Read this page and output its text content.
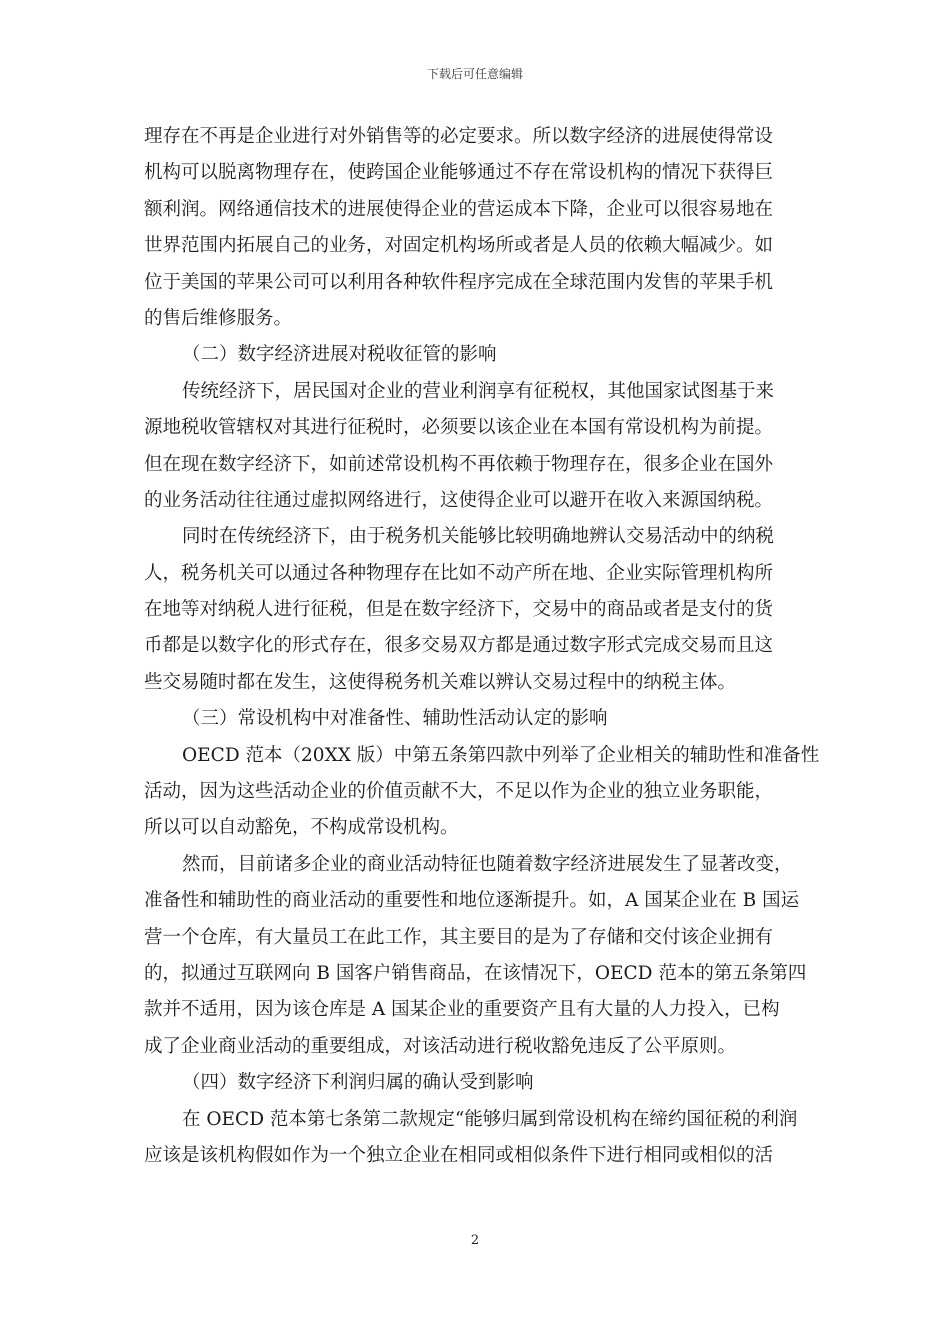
下载后可任意编辑
理存在不再是企业进行对外销售等的必定要求。所以数字经济的进展使得常设
机构可以脱离物理存在，使跨国企业能够通过不存在常设机构的情况下获得巨
额利润。网络通信技术的进展使得企业的营运成本下降，企业可以很容易地在
世界范围内拓展自己的业务，对固定机构场所或者是人员的依赖大幅减少。如
位于美国的苹果公司可以利用各种软件程序完成在全球范围内发售的苹果手机
的售后维修服务。
（二）数字经济进展对税收征管的影响
传统经济下，居民国对企业的营业利润享有征税权，其他国家试图基于来
源地税收管辖权对其进行征税时，必须要以该企业在本国有常设机构为前提。
但在现在数字经济下，如前述常设机构不再依赖于物理存在，很多企业在国外
的业务活动往往通过虚拟网络进行，这使得企业可以避开在收入来源国纳税。
同时在传统经济下，由于税务机关能够比较明确地辨认交易活动中的纳税
人，税务机关可以通过各种物理存在比如不动产所在地、企业实际管理机构所
在地等对纳税人进行征税，但是在数字经济下，交易中的商品或者是支付的货
币都是以数字化的形式存在，很多交易双方都是通过数字形式完成交易而且这
些交易随时都在发生，这使得税务机关难以辨认交易过程中的纳税主体。
（三）常设机构中对准备性、辅助性活动认定的影响
OECD 范本（20XX 版）中第五条第四款中列举了企业相关的辅助性和准备性
活动，因为这些活动企业的价值贡献不大，不足以作为企业的独立业务职能，
所以可以自动豁免，不构成常设机构。
然而，目前诸多企业的商业活动特征也随着数字经济进展发生了显著改变，
准备性和辅助性的商业活动的重要性和地位逐渐提升。如，A 国某企业在 B 国运
营一个仓库，有大量员工在此工作，其主要目的是为了存储和交付该企业拥有
的，拟通过互联网向 B 国客户销售商品，在该情况下，OECD 范本的第五条第四
款并不适用，因为该仓库是 A 国某企业的重要资产且有大量的人力投入，已构
成了企业商业活动的重要组成，对该活动进行税收豁免违反了公平原则。
（四）数字经济下利润归属的确认受到影响
在 OECD 范本第七条第二款规定“能够归属到常设机构在缔约国征税的利润
应该是该机构假如作为一个独立企业在相同或相似条件下进行相同或相似的活
2
